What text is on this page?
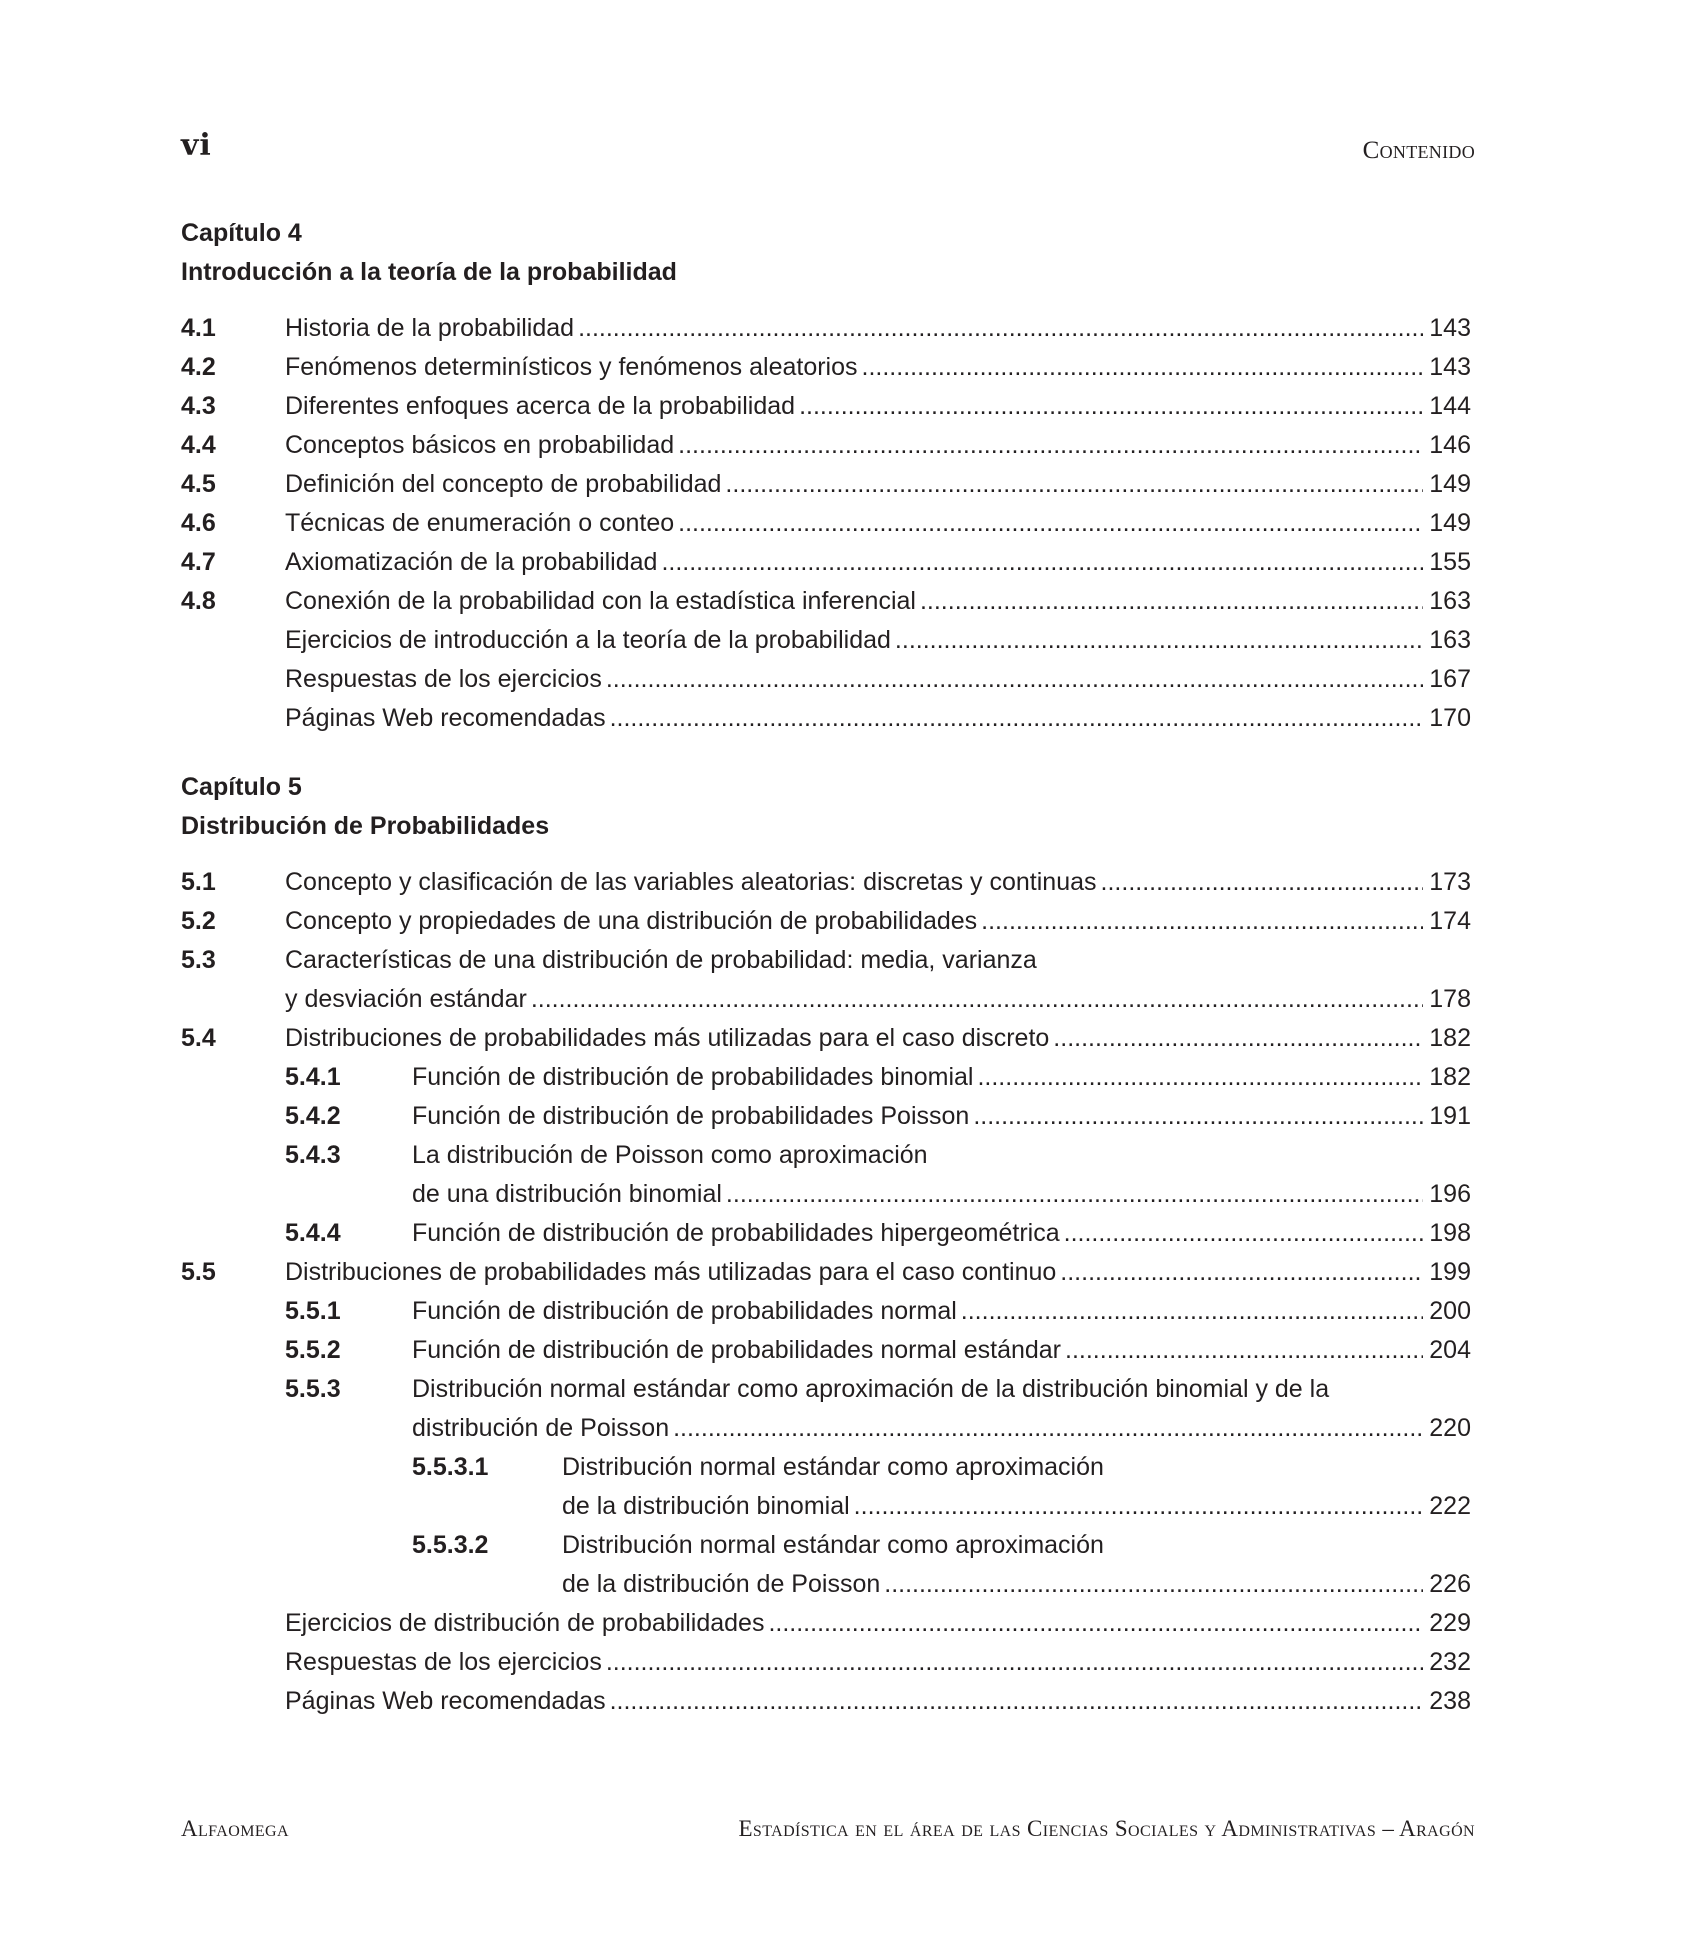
vi	Contenido
Capítulo 4
Introducción a la teoría de la probabilidad
4.1	Historia de la probabilidad .....	143
4.2	Fenómenos determinísticos y fenómenos aleatorios .....	143
4.3	Diferentes enfoques acerca de la probabilidad .....	144
4.4	Conceptos básicos en probabilidad .....	146
4.5	Definición del concepto de probabilidad .....	149
4.6	Técnicas de enumeración o conteo .....	149
4.7	Axiomatización de la probabilidad .....	155
4.8	Conexión de la probabilidad con la estadística inferencial .....	163
Ejercicios de introducción a la teoría de la probabilidad .....	163
Respuestas de los ejercicios .....	167
Páginas Web recomendadas .....	170
Capítulo 5
Distribución de Probabilidades
5.1	Concepto y clasificación de las variables aleatorias: discretas y continuas .....	173
5.2	Concepto y propiedades de una distribución de probabilidades .....	174
5.3	Características de una distribución de probabilidad: media, varianza
y desviación estándar .....	178
5.4	Distribuciones de probabilidades más utilizadas para el caso discreto .....	182
5.4.1	Función de distribución de probabilidades binomial .....	182
5.4.2	Función de distribución de probabilidades Poisson .....	191
5.4.3	La distribución de Poisson como aproximación
de una distribución binomial .....	196
5.4.4	Función de distribución de probabilidades hipergeométrica .....	198
5.5	Distribuciones de probabilidades más utilizadas para el caso continuo .....	199
5.5.1	Función de distribución de probabilidades normal .....	200
5.5.2	Función de distribución de probabilidades normal estándar .....	204
5.5.3	Distribución normal estándar como aproximación de la distribución binomial y de la
distribución de Poisson .....	220
5.5.3.1	Distribución normal estándar como aproximación
de la distribución binomial .....	222
5.5.3.2	Distribución normal estándar como aproximación
de la distribución de Poisson .....	226
Ejercicios de distribución de probabilidades .....	229
Respuestas de los ejercicios .....	232
Páginas Web recomendadas .....	238
Alfaomega	Estadística en el área de las Ciencias Sociales y Administrativas – Aragón
